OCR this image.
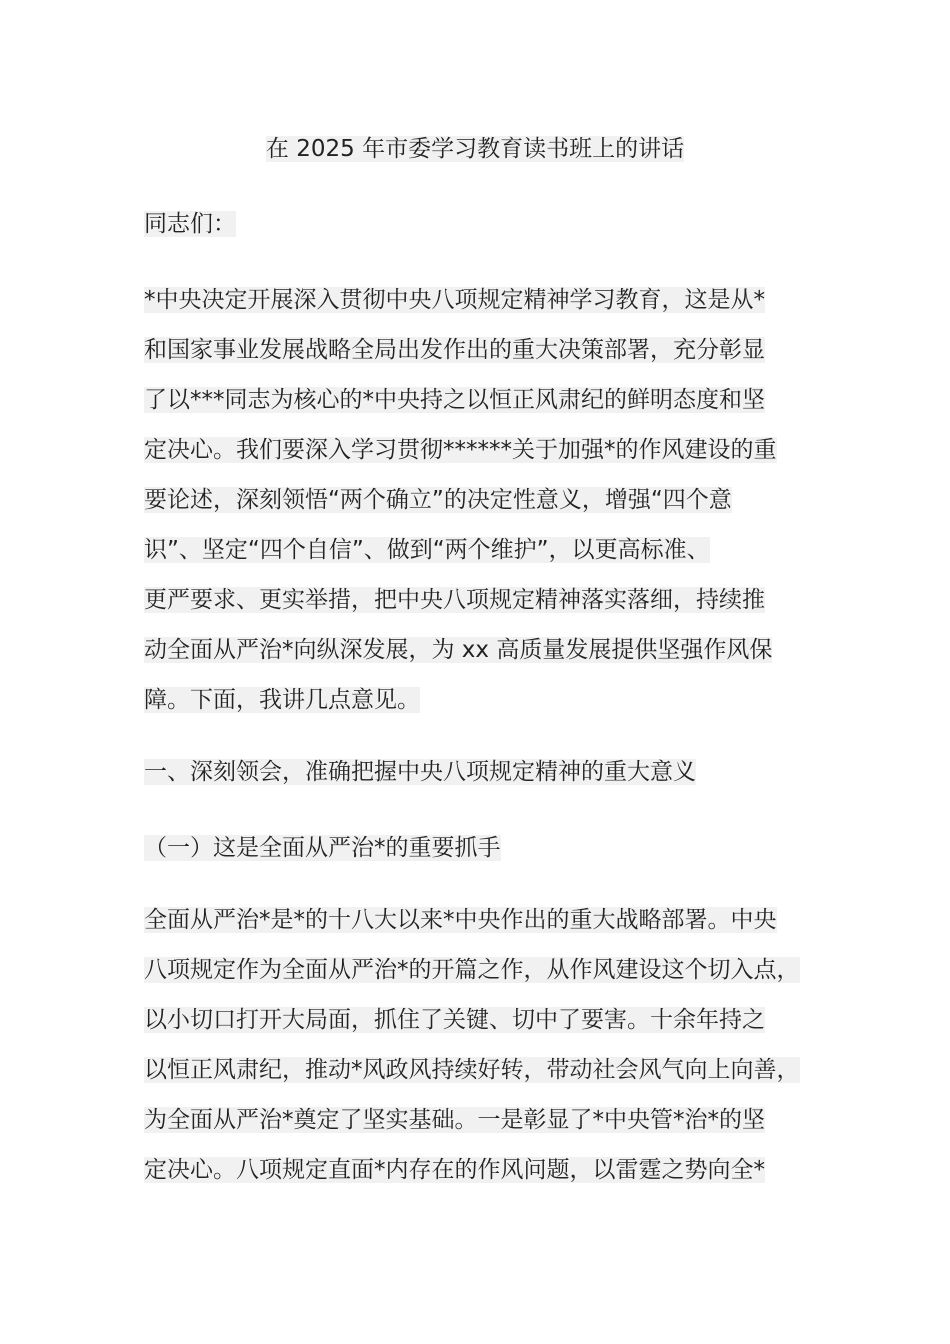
在 2025 年市委学习教育读书班上的讲话
同志们：
*中央决定开展深入贯彻中央八项规定精神学习教育，这是从*
和国家事业发展战略全局出发作出的重大决策部署，充分彰显
了以***同志为核心的*中央持之以恒正风肃纪的鲜明态度和坚
定决心。我们要深入学习贯彻******关于加强*的作风建设的重
要论述，深刻领悟“两个确立”的决定性意义，增强“四个意
识”、坚定“四个自信”、做到“两个维护”，以更高标准、
更严要求、更实举措，把中央八项规定精神落实落细，持续推
动全面从严治*向纵深发展，为 xx 高质量发展提供坚强作风保
障。下面，我讲几点意见。
一、深刻领会，准确把握中央八项规定精神的重大意义
（一）这是全面从严治*的重要抓手
全面从严治*是*的十八大以来*中央作出的重大战略部署。中央
八项规定作为全面从严治*的开篇之作，从作风建设这个切入点，
以小切口打开大局面，抓住了关键、切中了要害。十余年持之
以恒正风肃纪，推动*风政风持续好转，带动社会风气向上向善，
为全面从严治*奠定了坚实基础。一是彰显了*中央管*治*的坚
定决心。八项规定直面*内存在的作风问题，以雷霆之势向全*
